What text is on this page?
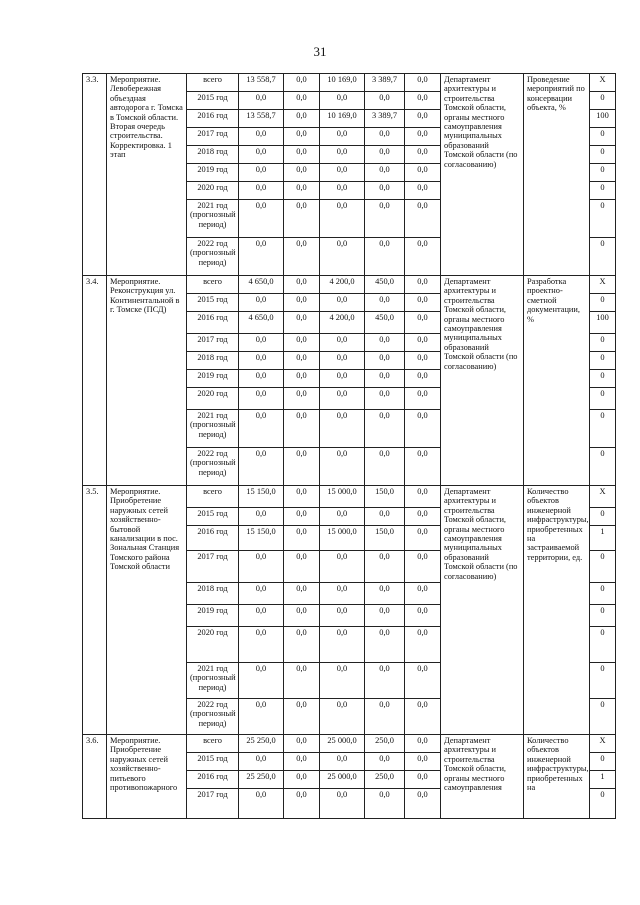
31
3.3.	Мероприятие. Левобережная объездная автодорога г. Томска в Томской области. Вторая очередь строительства. Корректировка. 1 этап	всего	13 558,7	0,0	10 169,0	3 389,7	0,0	Департамент архитектуры и строительства Томской области, органы местного самоуправления муниципальных образований Томской области (по согласованию)	Проведение мероприятий по консервации объекта, %	X
		2015 год	0,0	0,0	0,0	0,0	0,0			0
		2016 год	13 558,7	0,0	10 169,0	3 389,7	0,0			100
		2017 год	0,0	0,0	0,0	0,0	0,0			0
		2018 год	0,0	0,0	0,0	0,0	0,0			0
		2019 год	0,0	0,0	0,0	0,0	0,0			0
		2020 год	0,0	0,0	0,0	0,0	0,0			0
		2021 год (прогнозный период)	0,0	0,0	0,0	0,0	0,0			0
		2022 год (прогнозный период)	0,0	0,0	0,0	0,0	0,0			0
3.4.	Мероприятие. Реконструкция ул. Континентальной в г. Томске (ПСД)	всего	4 650,0	0,0	4 200,0	450,0	0,0	Департамент архитектуры и строительства Томской области, органы местного самоуправления муниципальных образований Томской области (по согласованию)	Разработка проектно-сметной документации, %	X
		2015 год	0,0	0,0	0,0	0,0	0,0			0
		2016 год	4 650,0	0,0	4 200,0	450,0	0,0			100
		2017 год	0,0	0,0	0,0	0,0	0,0			0
		2018 год	0,0	0,0	0,0	0,0	0,0			0
		2019 год	0,0	0,0	0,0	0,0	0,0			0
		2020 год	0,0	0,0	0,0	0,0	0,0			0
		2021 год (прогнозный период)	0,0	0,0	0,0	0,0	0,0			0
		2022 год (прогнозный период)	0,0	0,0	0,0	0,0	0,0			0
3.5.	Мероприятие. Приобретение наружных сетей хозяйственно-бытовой канализации в пос. Зональная Станция Томского района Томской области	всего	15 150,0	0,0	15 000,0	150,0	0,0	Департамент архитектуры и строительства Томской области, органы местного самоуправления муниципальных образований Томской области (по согласованию)	Количество объектов инженерной инфраструктуры, приобретенных на застраиваемой территории, ед.	X
		2015 год	0,0	0,0	0,0	0,0	0,0			0
		2016 год	15 150,0	0,0	15 000,0	150,0	0,0			1
		2017 год	0,0	0,0	0,0	0,0	0,0			0
		2018 год	0,0	0,0	0,0	0,0	0,0			0
		2019 год	0,0	0,0	0,0	0,0	0,0			0
		2020 год	0,0	0,0	0,0	0,0	0,0			0
		2021 год (прогнозный период)	0,0	0,0	0,0	0,0	0,0			0
		2022 год (прогнозный период)	0,0	0,0	0,0	0,0	0,0			0
3.6.	Мероприятие. Приобретение наружных сетей хозяйственно-питьевого противопожарного	всего	25 250,0	0,0	25 000,0	250,0	0,0	Департамент архитектуры и строительства Томской области, органы местного самоуправления	Количество объектов инженерной инфраструктуры, приобретенных на	X
		2015 год	0,0	0,0	0,0	0,0	0,0			0
		2016 год	25 250,0	0,0	25 000,0	250,0	0,0			1
		2017 год	0,0	0,0	0,0	0,0	0,0			0
